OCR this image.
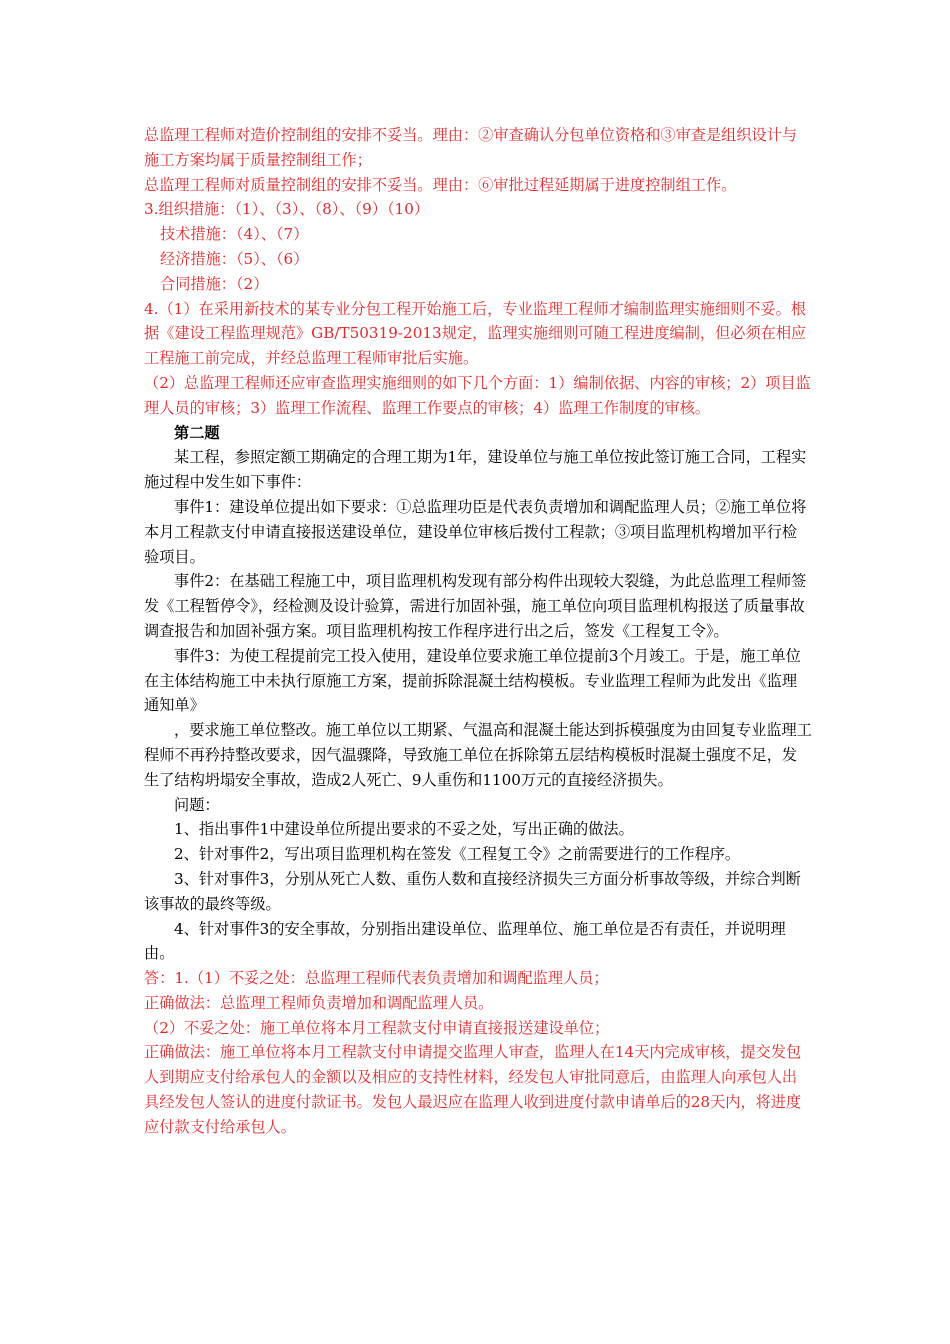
总监理工程师对造价控制组的安排不妥当。理由：②审查确认分包单位资格和③审查是组织设计与施工方案均属于质量控制组工作；

总监理工程师对质量控制组的安排不妥当。理由：⑥审批过程延期属于进度控制组工作。

3.组织措施：（1）、（3）、（8）、（9）（10）

技术措施：（4）、（7）

经济措施：（5）、（6）

合同措施：（2）

4.（1）在采用新技术的某专业分包工程开始施工后，专业监理工程师才编制监理实施细则不妥。根据《建设工程监理规范》GB/T50319-2013规定，监理实施细则可随工程进度编制，但必须在相应工程施工前完成，并经总监理工程师审批后实施。

（2）总监理工程师还应审查监理实施细则的如下几个方面：1）编制依据、内容的审核；2）项目监理人员的审核；3）监理工作流程、监理工作要点的审核；4）监理工作制度的审核。

第二题

某工程，参照定额工期确定的合理工期为1年，建设单位与施工单位按此签订施工合同，工程实施过程中发生如下事件：

事件1：建设单位提出如下要求：①总监理功臣是代表负责增加和调配监理人员；②施工单位将本月工程款支付申请直接报送建设单位，建设单位审核后拨付工程款；③项目监理机构增加平行检验项目。

事件2：在基础工程施工中，项目监理机构发现有部分构件出现较大裂缝，为此总监理工程师签发《工程暂停令》，经检测及设计验算，需进行加固补强，施工单位向项目监理机构报送了质量事故调查报告和加固补强方案。项目监理机构按工作程序进行出之后，签发《工程复工令》。

事件3：为使工程提前完工投入使用，建设单位要求施工单位提前3个月竣工。于是，施工单位在主体结构施工中未执行原施工方案，提前拆除混凝土结构模板。专业监理工程师为此发出《监理通知单》

，要求施工单位整改。施工单位以工期紧、气温高和混凝土能达到拆模强度为由回复专业监理工程师不再矜持整改要求，因气温骤降，导致施工单位在拆除第五层结构模板时混凝土强度不足，发生了结构坍塌安全事故，造成2人死亡、9人重伤和1100万元的直接经济损失。

问题：

1、指出事件1中建设单位所提出要求的不妥之处，写出正确的做法。

2、针对事件2，写出项目监理机构在签发《工程复工令》之前需要进行的工作程序。

3、针对事件3，分别从死亡人数、重伤人数和直接经济损失三方面分析事故等级，并综合判断该事故的最终等级。

4、针对事件3的安全事故，分别指出建设单位、监理单位、施工单位是否有责任，并说明理由。

答：1.（1）不妥之处：总监理工程师代表负责增加和调配监理人员；

正确做法：总监理工程师负责增加和调配监理人员。

（2）不妥之处：施工单位将本月工程款支付申请直接报送建设单位；

正确做法：施工单位将本月工程款支付申请提交监理人审查，监理人在14天内完成审核，提交发包人到期应支付给承包人的金额以及相应的支持性材料，经发包人审批同意后，由监理人向承包人出具经发包人签认的进度付款证书。发包人最迟应在监理人收到进度付款申请单后的28天内，将进度应付款支付给承包人。
